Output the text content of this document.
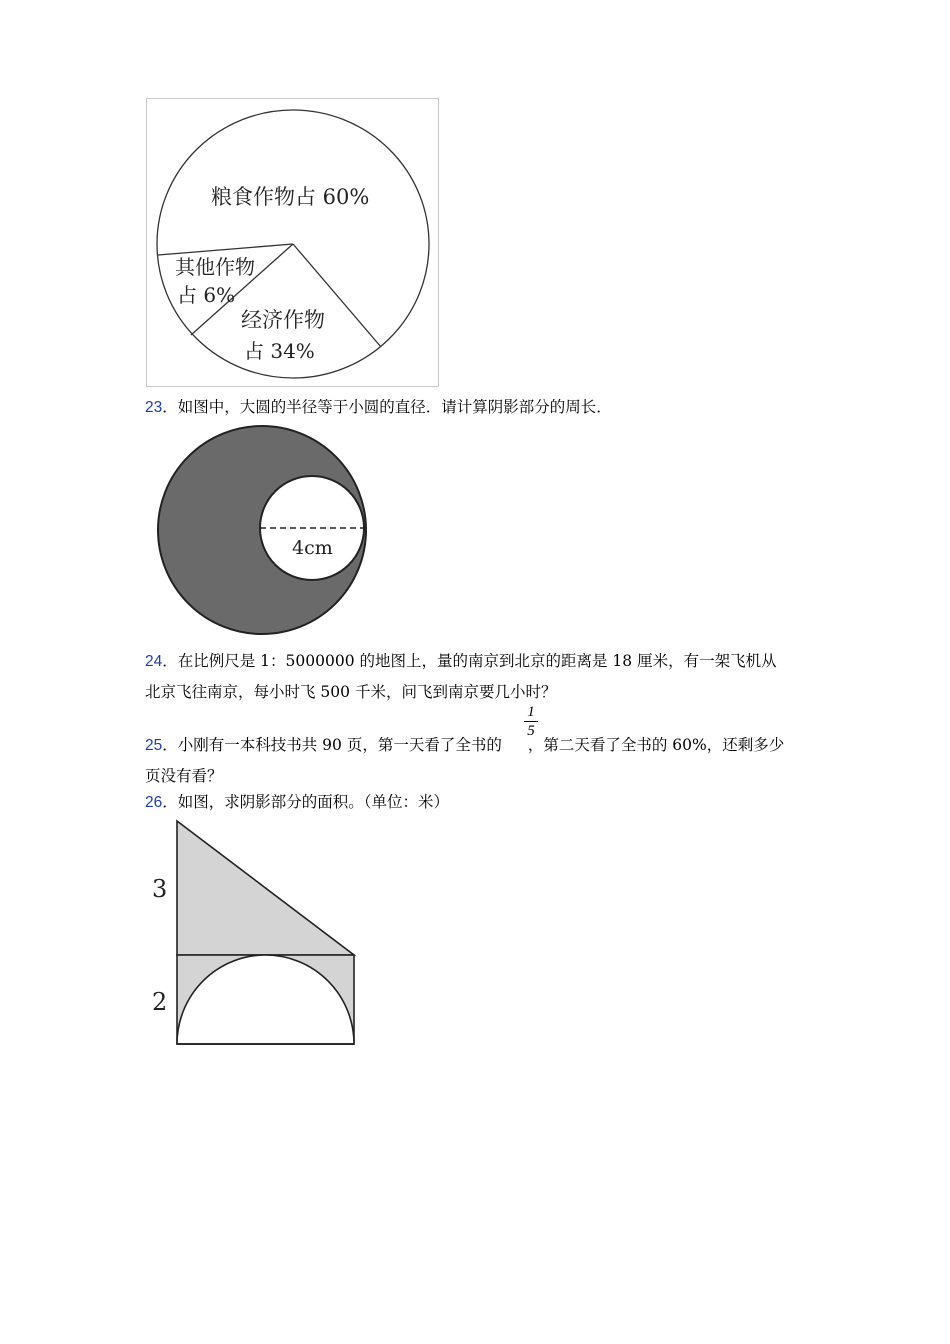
粮食作物占 60%
其他作物
占 6%
经济作物
占 34%
23．如图中，大圆的半径等于小圆的直径．请计算阴影部分的周长．
4cm
24．在比例尺是 1：5000000 的地图上，量的南京到北京的距离是 18 厘米，有一架飞机从
北京飞往南京，每小时飞 500 千米，问飞到南京要几小时？
1
5
25．小刚有一本科技书共 90 页，第一天看了全书的 ，第二天看了全书的 60%，还剩多少
页没有看？
26．如图，求阴影部分的面积。（单位：米）
3
2
